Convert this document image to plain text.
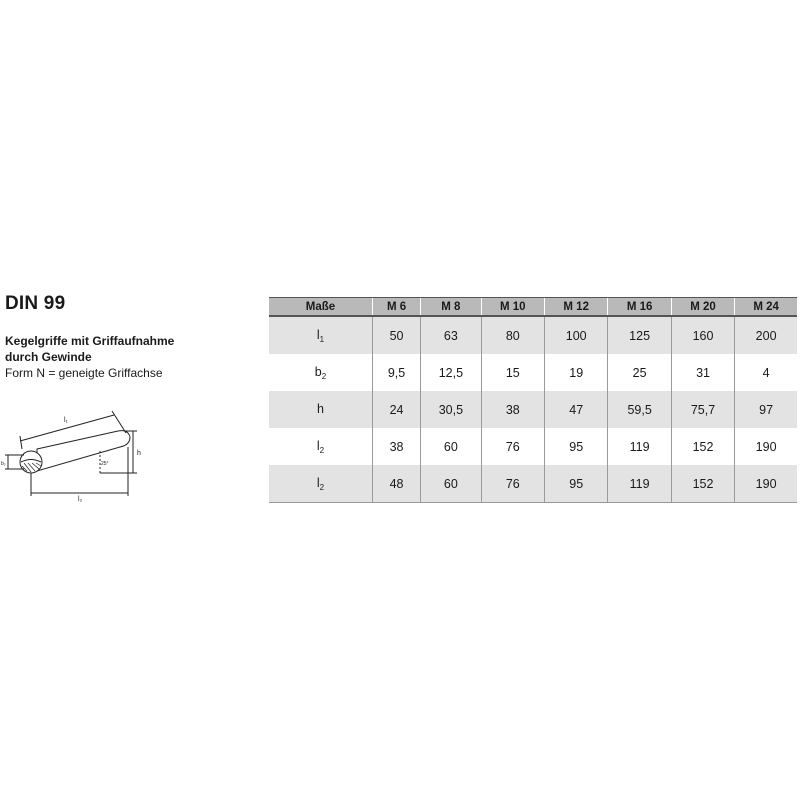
DIN 99
Kegelgriffe mit Griffaufnahme
durch Gewinde
Form N = geneigte Griffachse
l₁
l₂
h
b₂	25°
Maße	M 6	M 8	M 10	M 12	M 16	M 20	M 24
$l_1$	50	63	80	100	125	160	200
$b_2$	9,5	12,5	15	19	25	31	4
h	24	30,5	38	47	59,5	75,7	97
$l_2$	38	60	76	95	119	152	190
$l_2$	48	60	76	95	119	152	190
